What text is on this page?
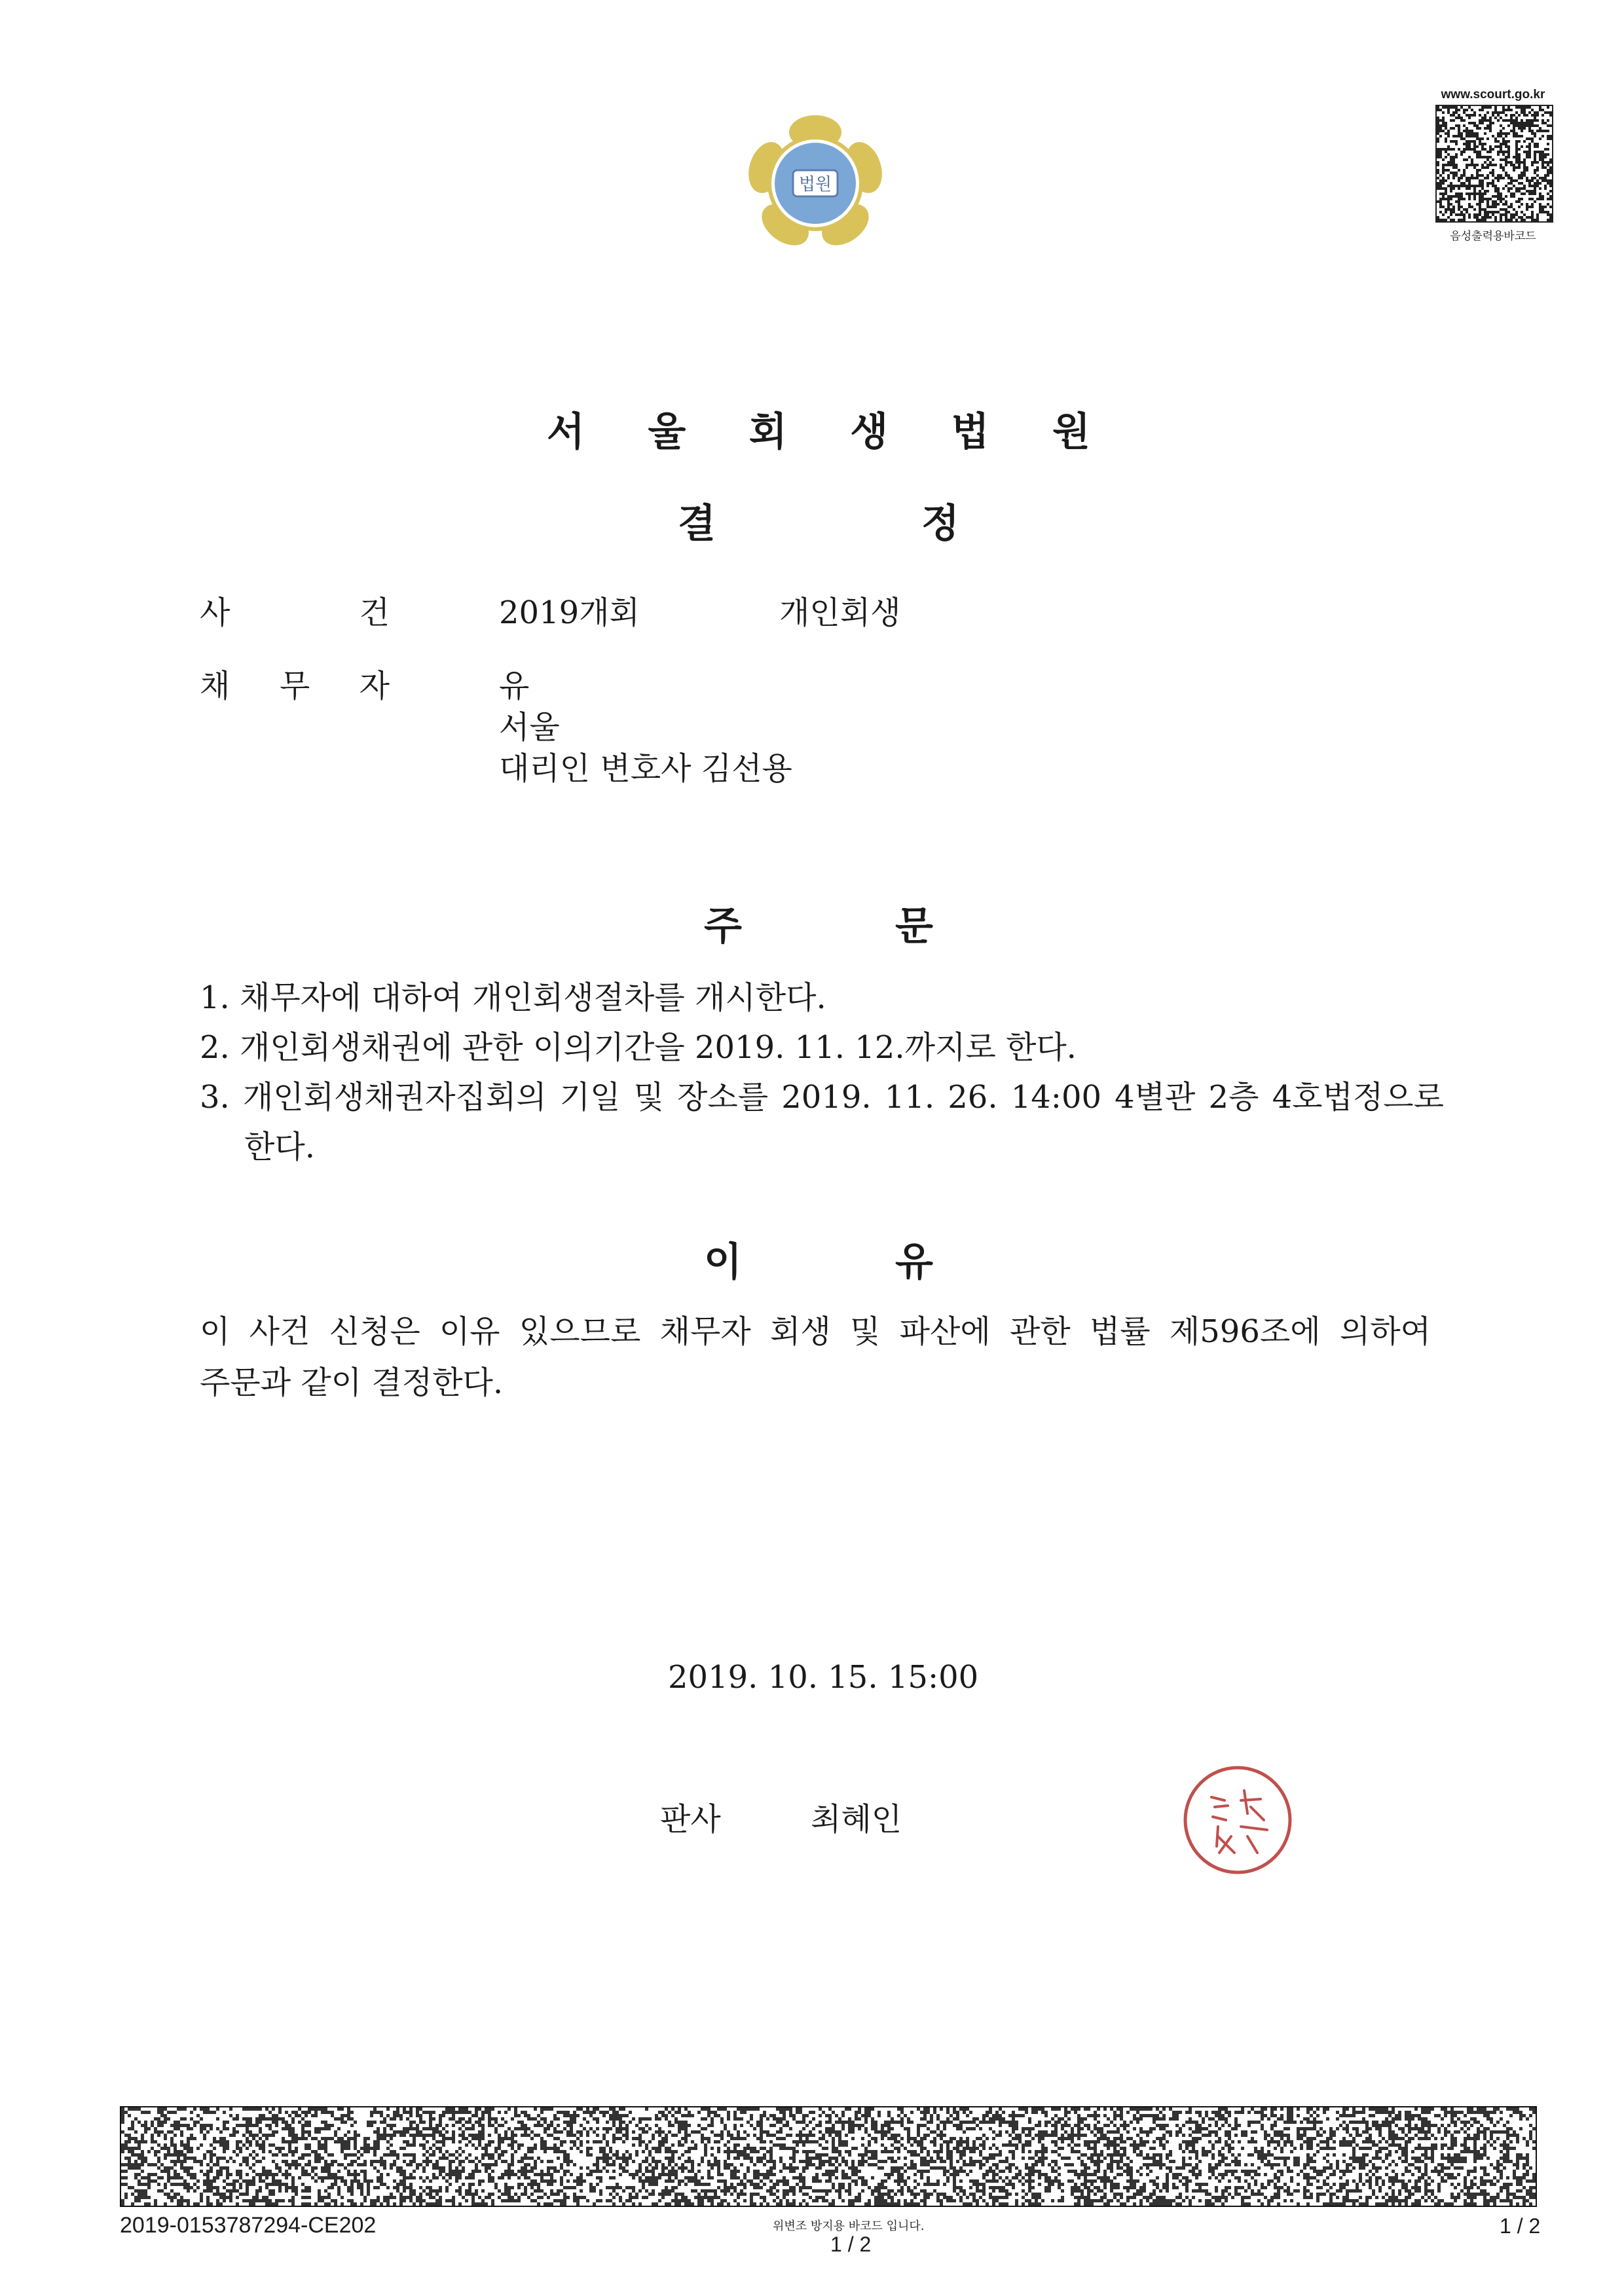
법원
www.scourt.go.kr
음성출력용바코드
서 울 회 생 법 원
결	정
사	건	2019개회	개인회생
채 무 자	유
서울
대리인 변호사 김선용
주	문
1. 채무자에 대하여 개인회생절차를 개시한다.
2. 개인회생채권에 관한 이의기간을 2019. 11. 12.까지로 한다.
3. 개인회생채권자집회의 기일 및 장소를 2019. 11. 26. 14:00 4별관 2층 4호법정으로
한다.
이	유
이 사건 신청은 이유 있으므로 채무자 회생 및 파산에 관한 법률 제596조에 의하여
주문과 같이 결정한다.
2019. 10. 15. 15:00
판사	최혜인
2019-0153787294-CE202	위변조 방지용 바코드 입니다.
1 / 2
1 / 2
